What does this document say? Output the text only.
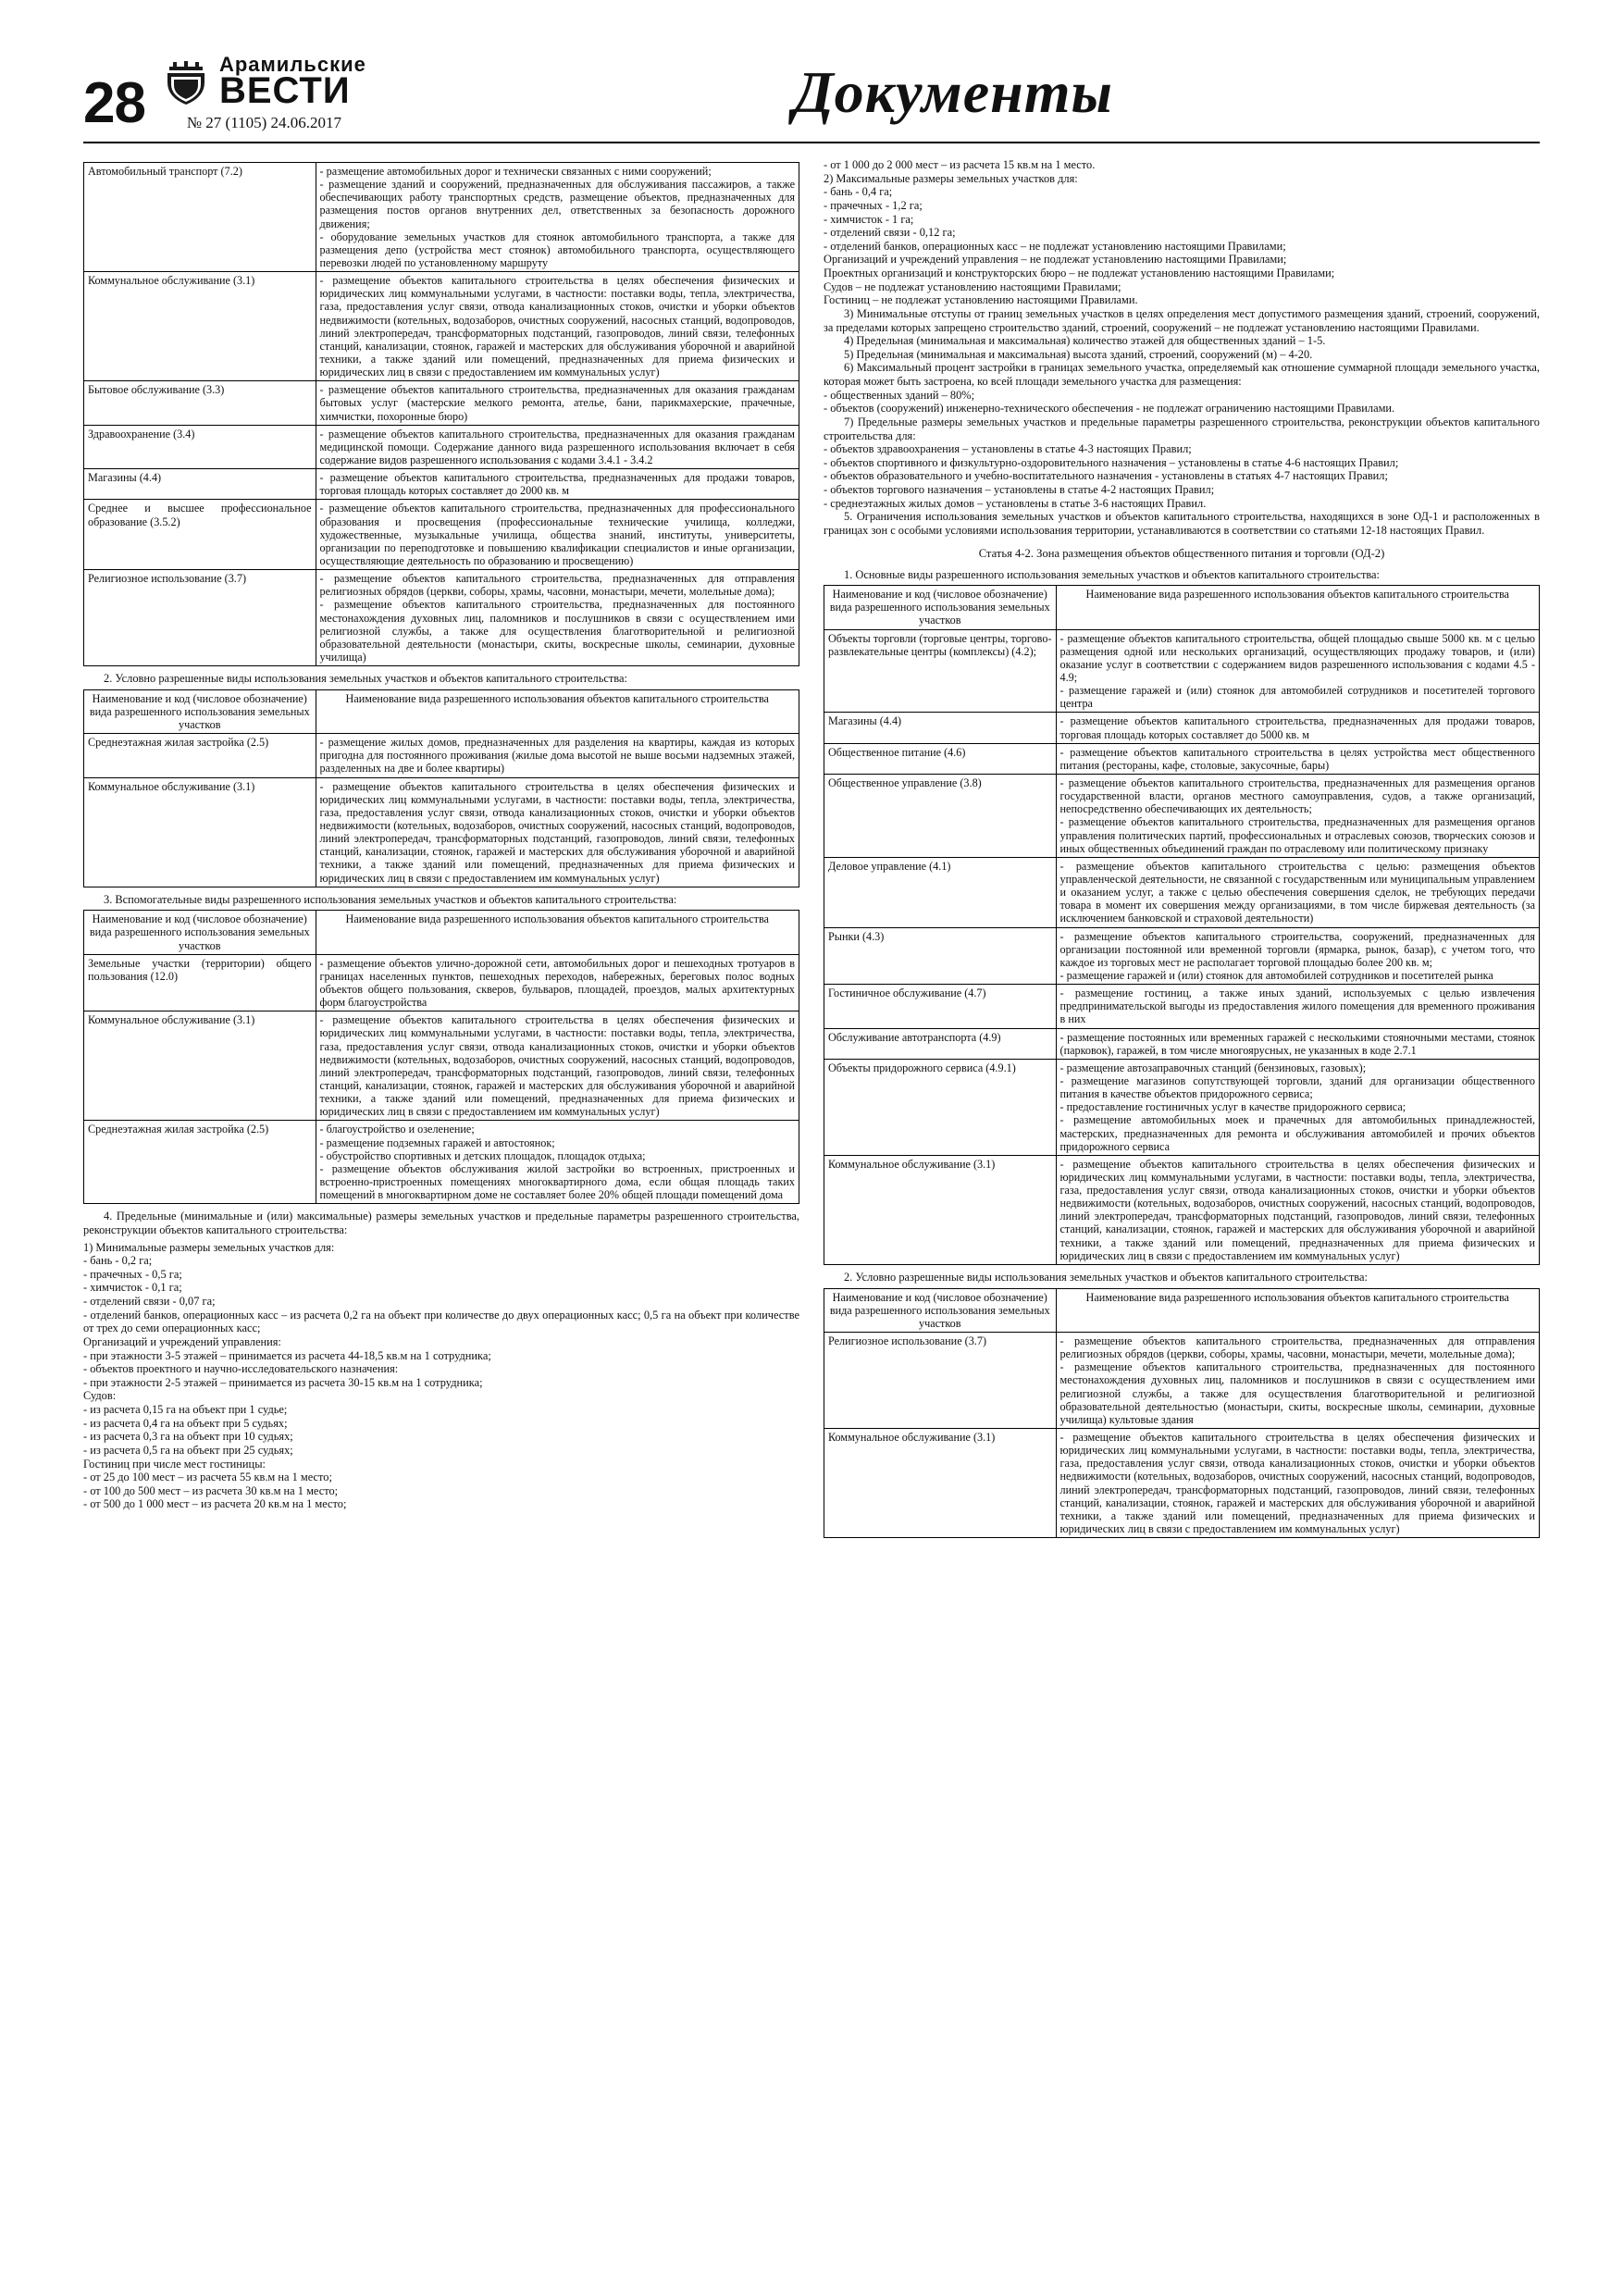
28
Арамильские
ВЕСТИ
№ 27 (1105) 24.06.2017	Документы
Автомобильный транспорт (7.2)	- размещение автомобильных дорог и технически связанных с ними сооружений;
- размещение зданий и сооружений, предназначенных для обслуживания пассажиров, а также обеспечивающих работу транспортных средств, размещение объектов, предназначенных для размещения постов органов внутренних дел, ответственных за безопасность дорожного движения;
- оборудование земельных участков для стоянок автомобильного транспорта, а также для размещения депо (устройства мест стоянок) автомобильного транспорта, осуществляющего перевозки людей по установленному маршруту

Коммунальное обслуживание (3.1)	- размещение объектов капитального строительства в целях обеспечения физических и юридических лиц коммунальными услугами, в частности: поставки воды, тепла, электричества, газа, предоставления услуг связи, отвода канализационных стоков, очистки и уборки объектов недвижимости (котельных, водозаборов, очистных сооружений, насосных станций, водопроводов, линий электропередач, трансформаторных подстанций, газопроводов, линий связи, телефонных станций, канализации, стоянок, гаражей и мастерских для обслуживания уборочной и аварийной техники, а также зданий или помещений, предназначенных для приема физических и юридических лиц в связи с предоставлением им коммунальных услуг)

Бытовое обслуживание (3.3)	- размещение объектов капитального строительства, предназначенных для оказания гражданам бытовых услуг (мастерские мелкого ремонта, ателье, бани, парикмахерские, прачечные, химчистки, похоронные бюро)

Здравоохранение (3.4)	- размещение объектов капитального строительства, предназначенных для оказания гражданам медицинской помощи. Содержание данного вида разрешенного использования включает в себя содержание видов разрешенного использования с кодами 3.4.1 - 3.4.2

Магазины (4.4)	- размещение объектов капитального строительства, предназначенных для продажи товаров, торговая площадь которых составляет до 2000 кв. м

Среднее и высшее профессиональное образование (3.5.2)	- размещение объектов капитального строительства, предназначенных для профессионального образования и просвещения (профессиональные технические училища, колледжи, художественные, музыкальные училища, общества знаний, институты, университеты, организации по переподготовке и повышению квалификации специалистов и иные организации, осуществляющие деятельность по образованию и просвещению)

Религиозное использование (3.7)	- размещение объектов капитального строительства, предназначенных для отправления религиозных обрядов (церкви, соборы, храмы, часовни, монастыри, мечети, молельные дома);
- размещение объектов капитального строительства, предназначенных для постоянного местонахождения духовных лиц, паломников и послушников в связи с осуществлением ими религиозной службы, а также для осуществления благотворительной и религиозной образовательной деятельности (монастыри, скиты, воскресные школы, семинарии, духовные училища)

2. Условно разрешенные виды использования земельных участков и объектов капитального строительства:

Наименование и код (числовое обозначение) вида разрешенного использования земельных участков	Наименование вида разрешенного использования объектов капитального строительства

Среднеэтажная жилая застройка (2.5)	- размещение жилых домов, предназначенных для разделения на квартиры, каждая из которых пригодна для постоянного проживания (жилые дома высотой не выше восьми надземных этажей, разделенных на две и более квартиры)

Коммунальное обслуживание (3.1)	- размещение объектов капитального строительства в целях обеспечения физических и юридических лиц коммунальными услугами, в частности: поставки воды, тепла, электричества, газа, предоставления услуг связи, отвода канализационных стоков, очистки и уборки объектов недвижимости (котельных, водозаборов, очистных сооружений, насосных станций, водопроводов, линий электропередач, трансформаторных подстанций, газопроводов, линий связи, телефонных станций, канализации, стоянок, гаражей и мастерских для обслуживания уборочной и аварийной техники, а также зданий или помещений, предназначенных для приема физических и юридических лиц в связи с предоставлением им коммунальных услуг)

3. Вспомогательные виды разрешенного использования земельных участков и объектов капитального строительства:

Наименование и код (числовое обозначение) вида разрешенного использования земельных участков	Наименование вида разрешенного использования объектов капитального строительства

Земельные участки (территории) общего пользования (12.0)	- размещение объектов улично-дорожной сети, автомобильных дорог и пешеходных тротуаров в границах населенных пунктов, пешеходных переходов, набережных, береговых полос водных объектов общего пользования, скверов, бульваров, площадей, проездов, малых архитектурных форм благоустройства

Коммунальное обслуживание (3.1)	- размещение объектов капитального строительства в целях обеспечения физических и юридических лиц коммунальными услугами, в частности: поставки воды, тепла, электричества, газа, предоставления услуг связи, отвода канализационных стоков, очистки и уборки объектов недвижимости (котельных, водозаборов, очистных сооружений, насосных станций, водопроводов, линий электропередач, трансформаторных подстанций, газопроводов, линий связи, телефонных станций, канализации, стоянок, гаражей и мастерских для обслуживания уборочной и аварийной техники, а также зданий или помещений, предназначенных для приема физических и юридических лиц в связи с предоставлением им коммунальных услуг)

Среднеэтажная жилая застройка (2.5)	- благоустройство и озеленение;
- размещение подземных гаражей и автостоянок;
- обустройство спортивных и детских площадок, площадок отдыха;
- размещение объектов обслуживания жилой застройки во встроенных, пристроенных и встроенно-пристроенных помещениях многоквартирного дома, если общая площадь таких помещений в многоквартирном доме не составляет более 20% общей площади помещений дома

4. Предельные (минимальные и (или) максимальные) размеры земельных участков и предельные параметры разрешенного строительства, реконструкции объектов капитального строительства:

1) Минимальные размеры земельных участков для:

- бань - 0,2 га;

- прачечных - 0,5 га;

- химчисток - 0,1 га;

- отделений связи - 0,07 га;

- отделений банков, операционных касс – из расчета 0,2 га на объект при количестве до двух операционных касс; 0,5 га на объект при количестве от трех до семи операционных касс;

Организаций и учреждений управления:

- при этажности 3-5 этажей – принимается из расчета 44-18,5 кв.м на 1 сотрудника;

- объектов проектного и научно-исследовательского назначения:

- при этажности 2-5 этажей – принимается из расчета 30-15 кв.м на 1 сотрудника;

Судов:

- из расчета 0,15 га на объект при 1 судье;

- из расчета 0,4 га на объект при 5 судьях;

- из расчета 0,3 га на объект при 10 судьях;

- из расчета 0,5 га на объект при 25 судьях;

Гостиниц при числе мест гостиницы:

- от 25 до 100 мест – из расчета 55 кв.м на 1 место;

- от 100 до 500 мест – из расчета 30 кв.м на 1 место;

- от 500 до 1 000 мест – из расчета 20 кв.м на 1 место;

- от 1 000 до 2 000 мест – из расчета 15 кв.м на 1 место.

2) Максимальные размеры земельных участков для:

- бань - 0,4 га;

- прачечных - 1,2 га;

- химчисток - 1 га;

- отделений связи - 0,12 га;

- отделений банков, операционных касс – не подлежат установлению настоящими Правилами;

Организаций и учреждений управления – не подлежат установлению настоящими Правилами;

Проектных организаций и конструкторских бюро – не подлежат установлению настоящими Правилами;

Судов – не подлежат установлению настоящими Правилами;

Гостиниц – не подлежат установлению настоящими Правилами.

3) Минимальные отступы от границ земельных участков в целях определения мест допустимого размещения зданий, строений, сооружений, за пределами которых запрещено строительство зданий, строений, сооружений – не подлежат установлению настоящими Правилами.

4) Предельная (минимальная и максимальная) количество этажей для общественных зданий – 1-5.

5) Предельная (минимальная и максимальная) высота зданий, строений, сооружений (м) – 4-20.

6) Максимальный процент застройки в границах земельного участка, определяемый как отношение суммарной площади земельного участка, которая может быть застроена, ко всей площади земельного участка для размещения:

- общественных зданий – 80%;

- объектов (сооружений) инженерно-технического обеспечения - не подлежат ограничению настоящими Правилами.

7) Предельные размеры земельных участков и предельные параметры разрешенного строительства, реконструкции объектов капитального строительства для:

- объектов здравоохранения – установлены в статье 4-3 настоящих Правил;

- объектов спортивного и физкультурно-оздоровительного назначения – установлены в статье 4-6 настоящих Правил;

- объектов образовательного и учебно-воспитательного назначения - установлены в статьях 4-7 настоящих Правил;

- объектов торгового назначения – установлены в статье 4-2 настоящих Правил;

- среднеэтажных жилых домов – установлены в статье 3-6 настоящих Правил.

5. Ограничения использования земельных участков и объектов капитального строительства, находящихся в зоне ОД-1 и расположенных в границах зон с особыми условиями использования территории, устанавливаются в соответствии со статьями 12-18 настоящих Правил.

Статья 4-2. Зона размещения объектов общественного питания и торговли (ОД-2)

1. Основные виды разрешенного использования земельных участков и объектов капитального строительства:

Наименование и код (числовое обозначение) вида разрешенного использования земельных участков	Наименование вида разрешенного использования объектов капитального строительства

Объекты торговли (торговые центры, торгово-развлекательные центры (комплексы) (4.2);	- размещение объектов капитального строительства, общей площадью свыше 5000 кв. м с целью размещения одной или нескольких организаций, осуществляющих продажу товаров, и (или) оказание услуг в соответствии с содержанием видов разрешенного использования с кодами 4.5 - 4.9;
- размещение гаражей и (или) стоянок для автомобилей сотрудников и посетителей торгового центра

Магазины (4.4)	- размещение объектов капитального строительства, предназначенных для продажи товаров, торговая площадь которых составляет до 5000 кв. м

Общественное питание (4.6)	- размещение объектов капитального строительства в целях устройства мест общественного питания (рестораны, кафе, столовые, закусочные, бары)

Общественное управление (3.8)	- размещение объектов капитального строительства, предназначенных для размещения органов государственной власти, органов местного самоуправления, судов, а также организаций, непосредственно обеспечивающих их деятельность;
- размещение объектов капитального строительства, предназначенных для размещения органов управления политических партий, профессиональных и отраслевых союзов, творческих союзов и иных общественных объединений граждан по отраслевому или политическому признаку

Деловое управление (4.1)	- размещение объектов капитального строительства с целью: размещения объектов управленческой деятельности, не связанной с государственным или муниципальным управлением и оказанием услуг, а также с целью обеспечения совершения сделок, не требующих передачи товара в момент их совершения между организациями, в том числе биржевая деятельность (за исключением банковской и страховой деятельности)

Рынки (4.3)	- размещение объектов капитального строительства, сооружений, предназначенных для организации постоянной или временной торговли (ярмарка, рынок, базар), с учетом того, что каждое из торговых мест не располагает торговой площадью более 200 кв. м;
- размещение гаражей и (или) стоянок для автомобилей сотрудников и посетителей рынка

Гостиничное обслуживание (4.7)	- размещение гостиниц, а также иных зданий, используемых с целью извлечения предпринимательской выгоды из предоставления жилого помещения для временного проживания в них

Обслуживание автотранспорта (4.9)	- размещение постоянных или временных гаражей с несколькими стояночными местами, стоянок (парковок), гаражей, в том числе многоярусных, не указанных в коде 2.7.1

Объекты придорожного сервиса (4.9.1)	- размещение автозаправочных станций (бензиновых, газовых);
- размещение магазинов сопутствующей торговли, зданий для организации общественного питания в качестве объектов придорожного сервиса;
- предоставление гостиничных услуг в качестве придорожного сервиса;
- размещение автомобильных моек и прачечных для автомобильных принадлежностей, мастерских, предназначенных для ремонта и обслуживания автомобилей и прочих объектов придорожного сервиса

Коммунальное обслуживание (3.1)	- размещение объектов капитального строительства в целях обеспечения физических и юридических лиц коммунальными услугами, в частности: поставки воды, тепла, электричества, газа, предоставления услуг связи, отвода канализационных стоков, очистки и уборки объектов недвижимости (котельных, водозаборов, очистных сооружений, насосных станций, водопроводов, линий электропередач, трансформаторных подстанций, газопроводов, линий связи, телефонных станций, канализации, стоянок, гаражей и мастерских для обслуживания уборочной и аварийной техники, а также зданий или помещений, предназначенных для приема физических и юридических лиц в связи с предоставлением им коммунальных услуг)

2. Условно разрешенные виды использования земельных участков и объектов капитального строительства:

Наименование и код (числовое обозначение) вида разрешенного использования земельных участков	Наименование вида разрешенного использования объектов капитального строительства

Религиозное использование (3.7)	- размещение объектов капитального строительства, предназначенных для отправления религиозных обрядов (церкви, соборы, храмы, часовни, монастыри, мечети, молельные дома);
- размещение объектов капитального строительства, предназначенных для постоянного местонахождения духовных лиц, паломников и послушников в связи с осуществлением ими религиозной службы, а также для осуществления благотворительной и религиозной образовательной деятельностью (монастыри, скиты, воскресные школы, семинарии, духовные училища) культовые здания

Коммунальное обслуживание (3.1)	- размещение объектов капитального строительства в целях обеспечения физических и юридических лиц коммунальными услугами, в частности: поставки воды, тепла, электричества, газа, предоставления услуг связи, отвода канализационных стоков, очистки и уборки объектов недвижимости (котельных, водозаборов, очистных сооружений, насосных станций, водопроводов, линий электропередач, трансформаторных подстанций, газопроводов, линий связи, телефонных станций, канализации, стоянок, гаражей и мастерских для обслуживания уборочной и аварийной техники, а также зданий или помещений, предназначенных для приема физических и юридических лиц в связи с предоставлением им коммунальных услуг)
